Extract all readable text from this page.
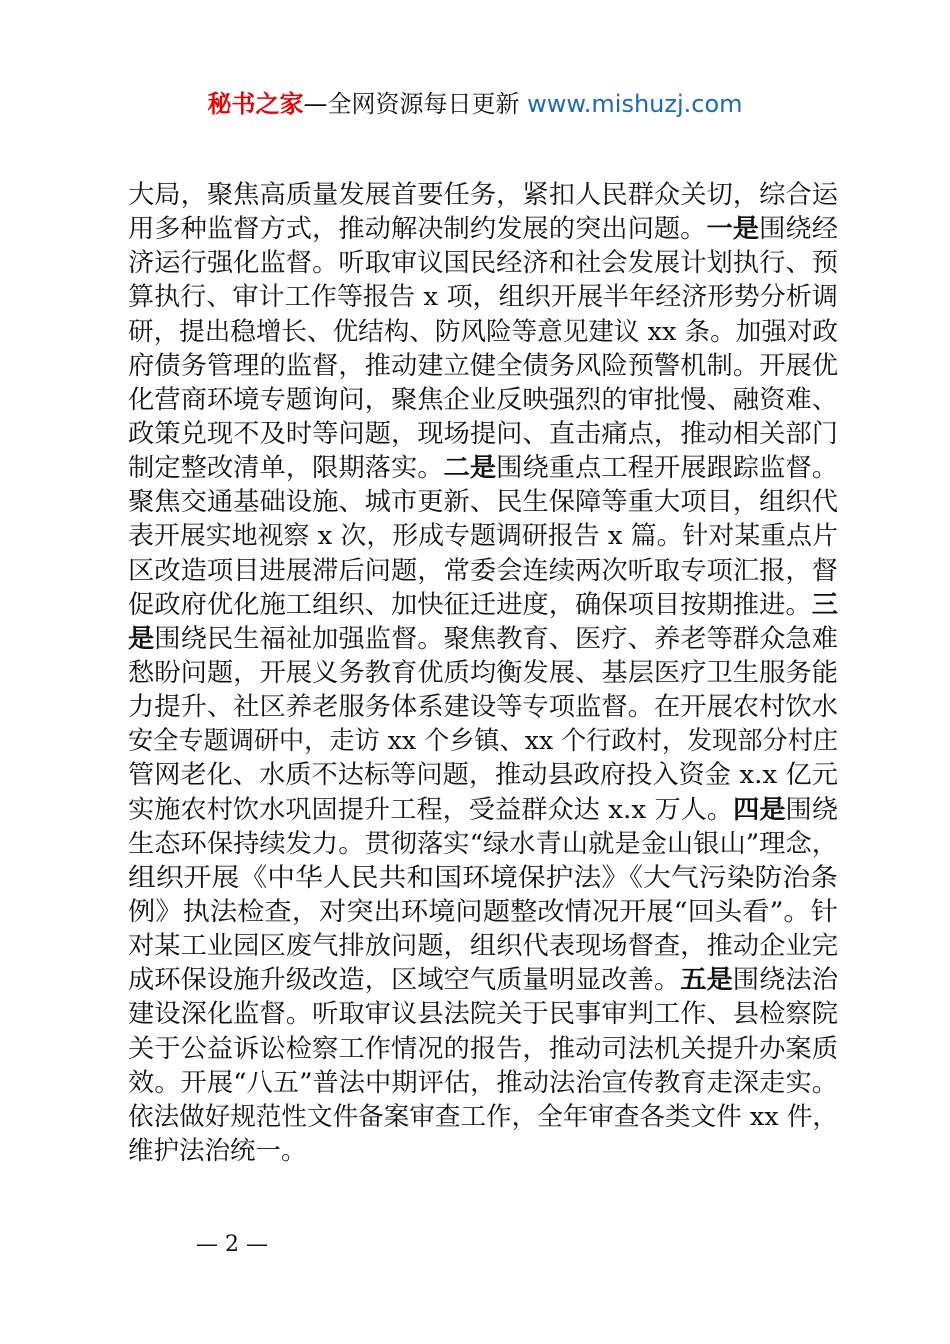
秘书之家—全网资源每日更新 www.mishuzj.com
大局，聚焦高质量发展首要任务，紧扣人民群众关切，综合运
用多种监督方式，推动解决制约发展的突出问题。一是围绕经
济运行强化监督。听取审议国民经济和社会发展计划执行、预
算执行、审计工作等报告 x 项，组织开展半年经济形势分析调
研，提出稳增长、优结构、防风险等意见建议 xx 条。加强对政
府债务管理的监督，推动建立健全债务风险预警机制。开展优
化营商环境专题询问，聚焦企业反映强烈的审批慢、融资难、
政策兑现不及时等问题，现场提问、直击痛点，推动相关部门
制定整改清单，限期落实。二是围绕重点工程开展跟踪监督。
聚焦交通基础设施、城市更新、民生保障等重大项目，组织代
表开展实地视察 x 次，形成专题调研报告 x 篇。针对某重点片
区改造项目进展滞后问题，常委会连续两次听取专项汇报，督
促政府优化施工组织、加快征迁进度，确保项目按期推进。三
是围绕民生福祉加强监督。聚焦教育、医疗、养老等群众急难
愁盼问题，开展义务教育优质均衡发展、基层医疗卫生服务能
力提升、社区养老服务体系建设等专项监督。在开展农村饮水
安全专题调研中，走访 xx 个乡镇、xx 个行政村，发现部分村庄
管网老化、水质不达标等问题，推动县政府投入资金 x.x 亿元
实施农村饮水巩固提升工程，受益群众达 x.x 万人。四是围绕
生态环保持续发力。贯彻落实“绿水青山就是金山银山”理念，
组织开展《中华人民共和国环境保护法》《大气污染防治条
例》执法检查，对突出环境问题整改情况开展“回头看”。针
对某工业园区废气排放问题，组织代表现场督查，推动企业完
成环保设施升级改造，区域空气质量明显改善。五是围绕法治
建设深化监督。听取审议县法院关于民事审判工作、县检察院
关于公益诉讼检察工作情况的报告，推动司法机关提升办案质
效。开展“八五”普法中期评估，推动法治宣传教育走深走实。
依法做好规范性文件备案审查工作，全年审查各类文件 xx 件，
维护法治统一。
— 2 —
